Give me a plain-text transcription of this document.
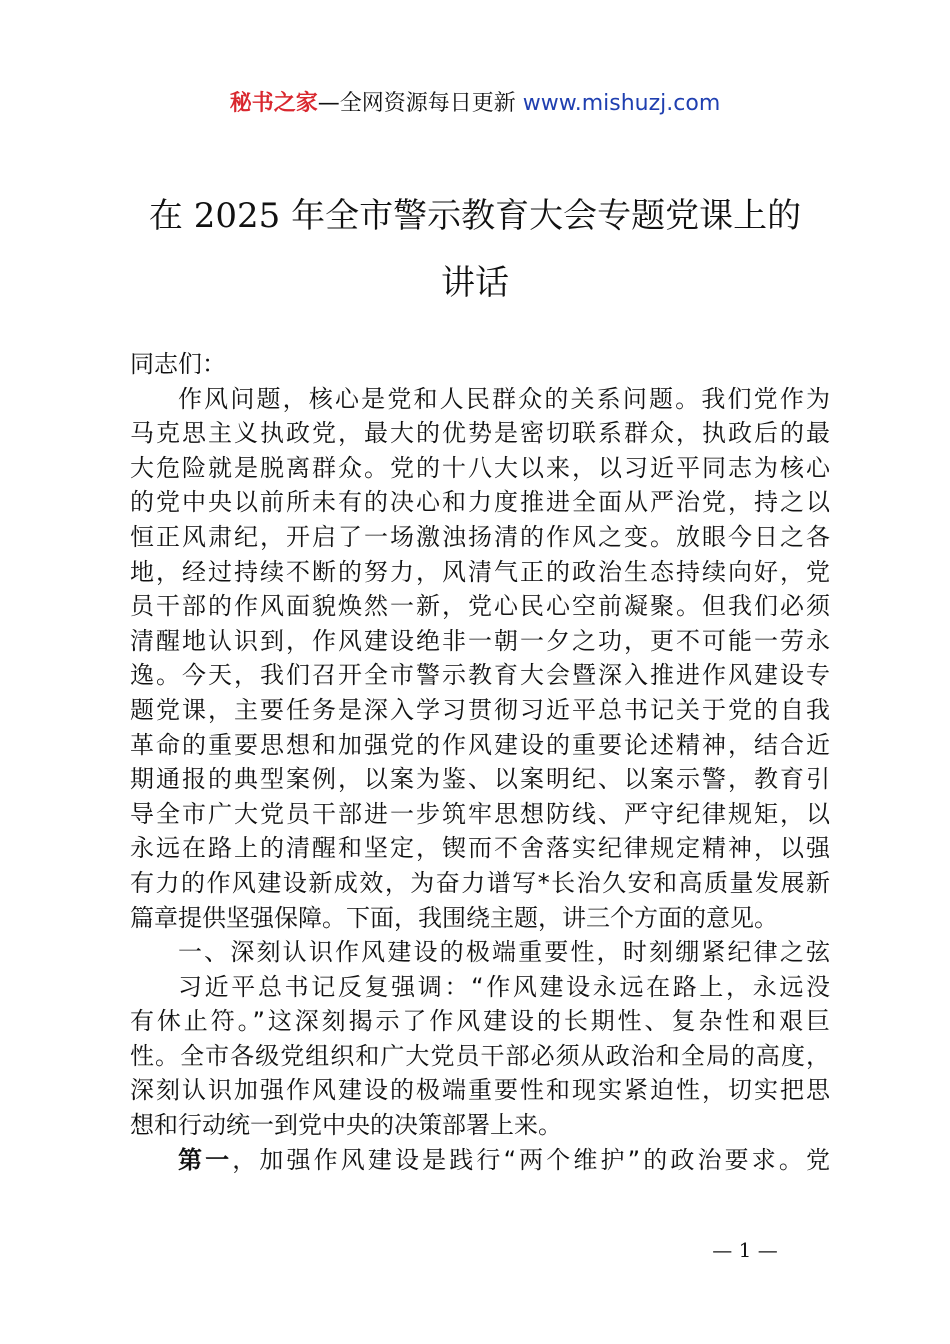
秘书之家—全网资源每日更新 www.mishuzj.com
在 2025 年全市警示教育大会专题党课上的
讲话
同志们：
作风问题，核心是党和人民群众的关系问题。我们党作为
马克思主义执政党，最大的优势是密切联系群众，执政后的最
大危险就是脱离群众。党的十八大以来，以习近平同志为核心
的党中央以前所未有的决心和力度推进全面从严治党，持之以
恒正风肃纪，开启了一场激浊扬清的作风之变。放眼今日之各
地，经过持续不断的努力，风清气正的政治生态持续向好，党
员干部的作风面貌焕然一新，党心民心空前凝聚。但我们必须
清醒地认识到，作风建设绝非一朝一夕之功，更不可能一劳永
逸。今天，我们召开全市警示教育大会暨深入推进作风建设专
题党课，主要任务是深入学习贯彻习近平总书记关于党的自我
革命的重要思想和加强党的作风建设的重要论述精神，结合近
期通报的典型案例，以案为鉴、以案明纪、以案示警，教育引
导全市广大党员干部进一步筑牢思想防线、严守纪律规矩，以
永远在路上的清醒和坚定，锲而不舍落实纪律规定精神，以强
有力的作风建设新成效，为奋力谱写*长治久安和高质量发展新
篇章提供坚强保障。下面，我围绕主题，讲三个方面的意见。
一、深刻认识作风建设的极端重要性，时刻绷紧纪律之弦
习近平总书记反复强调：“作风建设永远在路上，永远没
有休止符。”这深刻揭示了作风建设的长期性、复杂性和艰巨
性。全市各级党组织和广大党员干部必须从政治和全局的高度，
深刻认识加强作风建设的极端重要性和现实紧迫性，切实把思
想和行动统一到党中央的决策部署上来。
第一，加强作风建设是践行“两个维护”的政治要求。党
— 1 —
